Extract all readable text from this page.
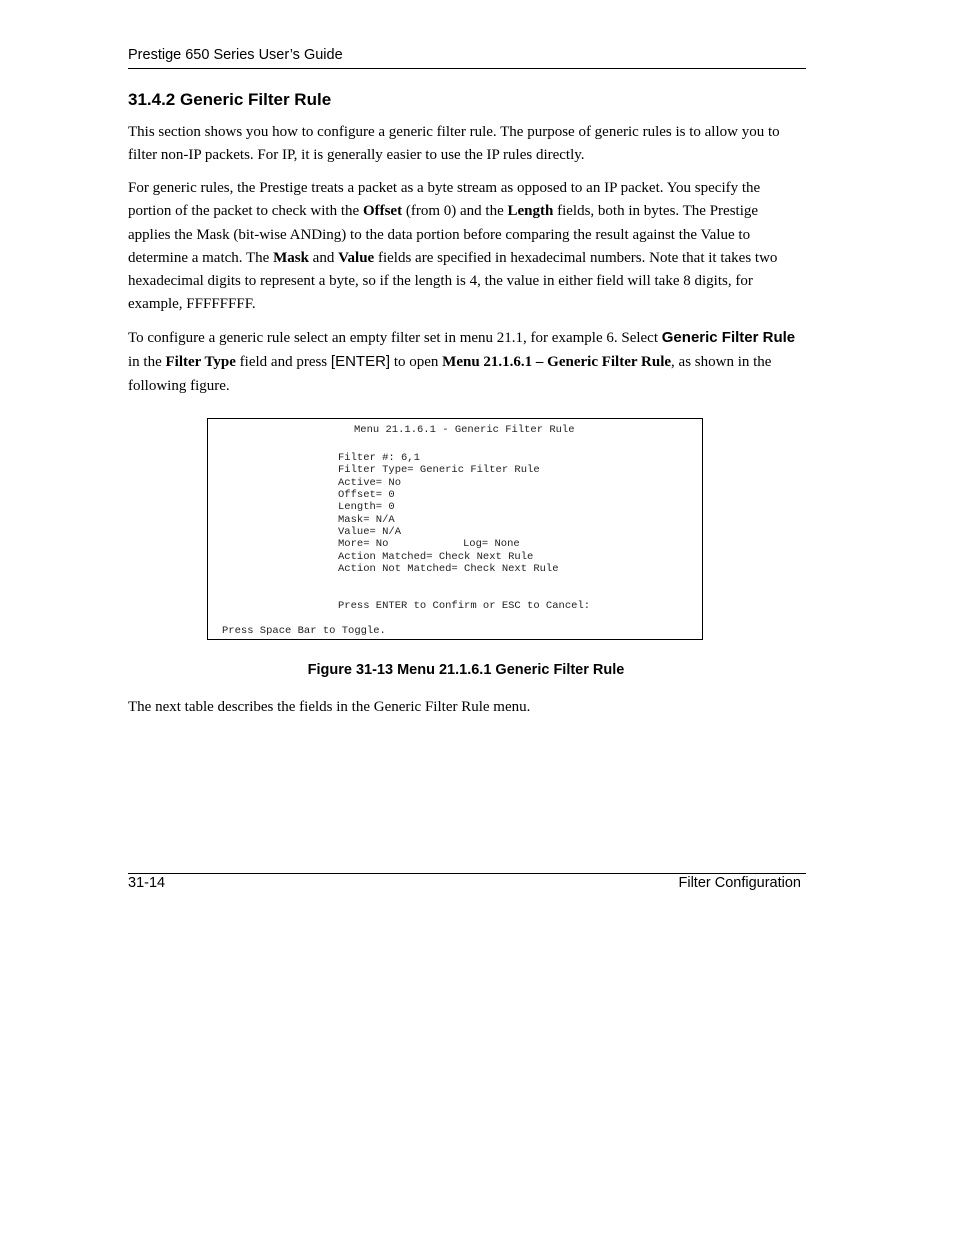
Prestige 650 Series User’s Guide
31.4.2 Generic Filter Rule

This section shows you how to configure a generic filter rule. The purpose of generic rules is to allow you to filter non-IP packets. For IP, it is generally easier to use the IP rules directly.

For generic rules, the Prestige treats a packet as a byte stream as opposed to an IP packet. You specify the portion of the packet to check with the Offset (from 0) and the Length fields, both in bytes. The Prestige applies the Mask (bit-wise ANDing) to the data portion before comparing the result against the Value to determine a match. The Mask and Value fields are specified in hexadecimal numbers. Note that it takes two hexadecimal digits to represent a byte, so if the length is 4, the value in either field will take 8 digits, for example, FFFFFFFF.

To configure a generic rule select an empty filter set in menu 21.1, for example 6. Select Generic Filter Rule in the Filter Type field and press [ENTER] to open Menu 21.1.6.1 – Generic Filter Rule, as shown in the following figure.

Menu 21.1.6.1 - Generic Filter Rule
Filter #: 6,1
Filter Type= Generic Filter Rule
Active= No
Offset= 0
Length= 0
Mask= N/A
Value= N/A
More= No	Log= None
Action Matched= Check Next Rule
Action Not Matched= Check Next Rule
Press ENTER to Confirm or ESC to Cancel:
Press Space Bar to Toggle.

Figure 31-13 Menu 21.1.6.1 Generic Filter Rule

The next table describes the fields in the Generic Filter Rule menu.

31-14	Filter Configuration
